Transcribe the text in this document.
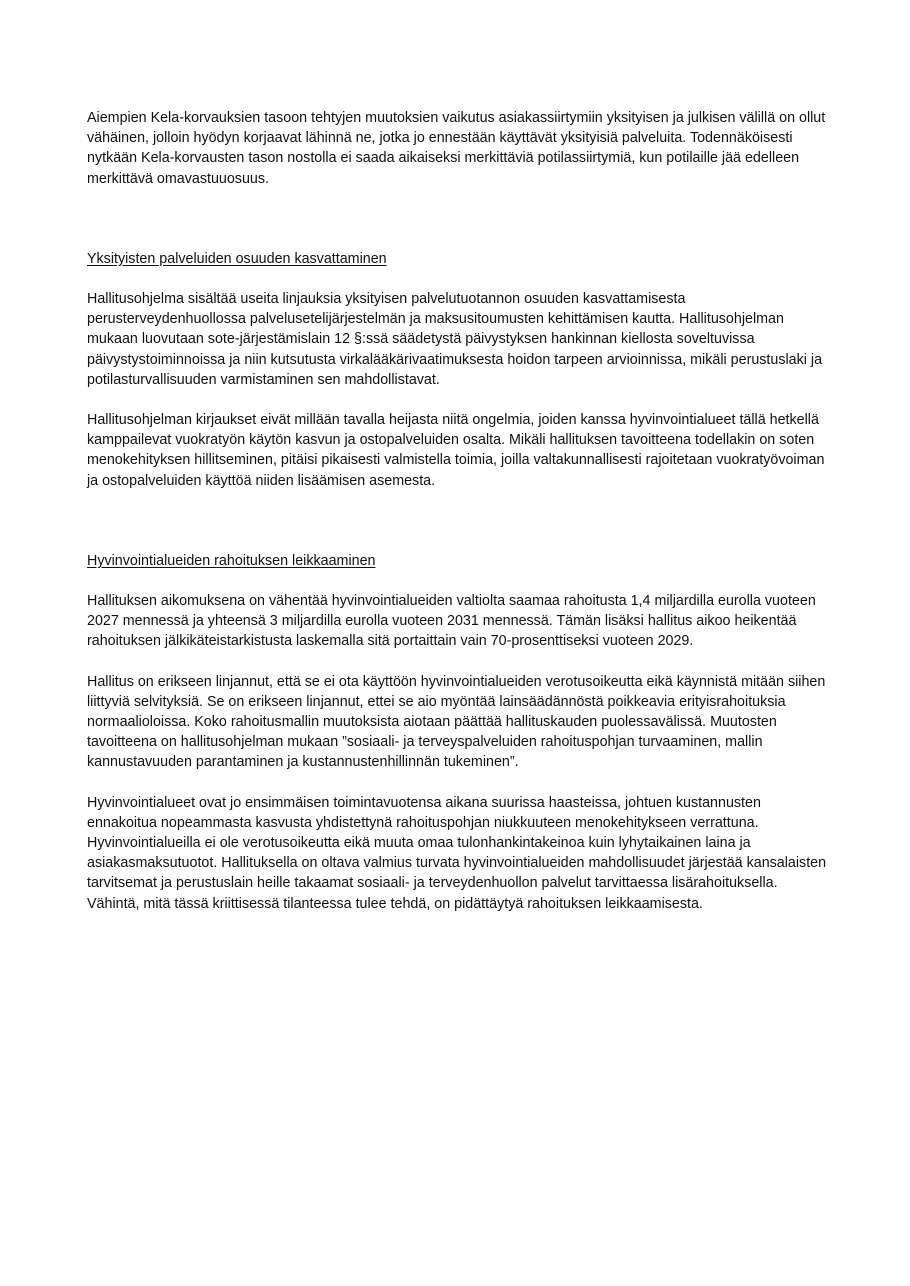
Aiempien Kela-korvauksien tasoon tehtyjen muutoksien vaikutus asiakassiirtymiin yksityisen ja julkisen välillä on ollut vähäinen, jolloin hyödyn korjaavat lähinnä ne, jotka jo ennestään käyttävät yksityisiä palveluita. Todennäköisesti nytkään Kela-korvausten tason nostolla ei saada aikaiseksi merkittäviä potilassiirtymiä, kun potilaille jää edelleen merkittävä omavastuuosuus.

Yksityisten palveluiden osuuden kasvattaminen

Hallitusohjelma sisältää useita linjauksia yksityisen palvelutuotannon osuuden kasvattamisesta perusterveydenhuollossa palvelusetelijärjestelmän ja maksusitoumusten kehittämisen kautta. Hallitusohjelman mukaan luovutaan sote-järjestämislain 12 §:ssä säädetystä päivystyksen hankinnan kiellosta soveltuvissa päivystystoiminnoissa ja niin kutsutusta virkalääkärivaatimuksesta hoidon tarpeen arvioinnissa, mikäli perustuslaki ja potilasturvallisuuden varmistaminen sen mahdollistavat.

Hallitusohjelman kirjaukset eivät millään tavalla heijasta niitä ongelmia, joiden kanssa hyvinvointialueet tällä hetkellä kamppailevat vuokratyön käytön kasvun ja ostopalveluiden osalta. Mikäli hallituksen tavoitteena todellakin on soten menokehityksen hillitseminen, pitäisi pikaisesti valmistella toimia, joilla valtakunnallisesti rajoitetaan vuokratyövoiman ja ostopalveluiden käyttöä niiden lisäämisen asemesta.

Hyvinvointialueiden rahoituksen leikkaaminen

Hallituksen aikomuksena on vähentää hyvinvointialueiden valtiolta saamaa rahoitusta 1,4 miljardilla eurolla vuoteen 2027 mennessä ja yhteensä 3 miljardilla eurolla vuoteen 2031 mennessä. Tämän lisäksi hallitus aikoo heikentää rahoituksen jälkikäteistarkistusta laskemalla sitä portaittain vain 70-prosenttiseksi vuoteen 2029.

Hallitus on erikseen linjannut, että se ei ota käyttöön hyvinvointialueiden verotusoikeutta eikä käynnistä mitään siihen liittyviä selvityksiä. Se on erikseen linjannut, ettei se aio myöntää lainsäädännöstä poikkeavia erityisrahoituksia normaalioloissa. Koko rahoitusmallin muutoksista aiotaan päättää hallituskauden puolessavälissä. Muutosten tavoitteena on hallitusohjelman mukaan ”sosiaali- ja terveyspalveluiden rahoituspohjan turvaaminen, mallin kannustavuuden parantaminen ja kustannustenhillinnän tukeminen”.

Hyvinvointialueet ovat jo ensimmäisen toimintavuotensa aikana suurissa haasteissa, johtuen kustannusten ennakoitua nopeammasta kasvusta yhdistettynä rahoituspohjan niukkuuteen menokehitykseen verrattuna. Hyvinvointialueilla ei ole verotusoikeutta eikä muuta omaa tulonhankintakeinoa kuin lyhytaikainen laina ja asiakasmaksutuotot. Hallituksella on oltava valmius turvata hyvinvointialueiden mahdollisuudet järjestää kansalaisten tarvitsemat ja perustuslain heille takaamat sosiaali- ja terveydenhuollon palvelut tarvittaessa lisärahoituksella. Vähintä, mitä tässä kriittisessä tilanteessa tulee tehdä, on pidättäytyä rahoituksen leikkaamisesta.
